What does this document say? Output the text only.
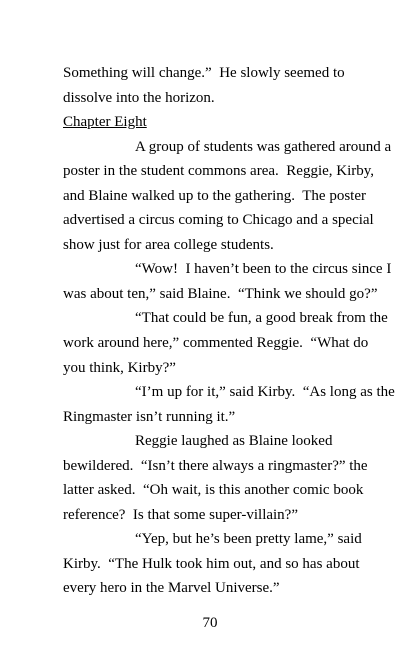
Something will change.”  He slowly seemed to
dissolve into the horizon.
Chapter Eight
A group of students was gathered around a
poster in the student commons area.  Reggie, Kirby,
and Blaine walked up to the gathering.  The poster
advertised a circus coming to Chicago and a special
show just for area college students.
“Wow!  I haven’t been to the circus since I
was about ten,” said Blaine.  “Think we should go?”
“That could be fun, a good break from the
work around here,” commented Reggie.  “What do
you think, Kirby?”
“I’m up for it,” said Kirby.  “As long as the
Ringmaster isn’t running it.”
Reggie laughed as Blaine looked
bewildered.  “Isn’t there always a ringmaster?” the
latter asked.  “Oh wait, is this another comic book
reference?  Is that some super-villain?”
“Yep, but he’s been pretty lame,” said
Kirby.  “The Hulk took him out, and so has about
every hero in the Marvel Universe.”
70
